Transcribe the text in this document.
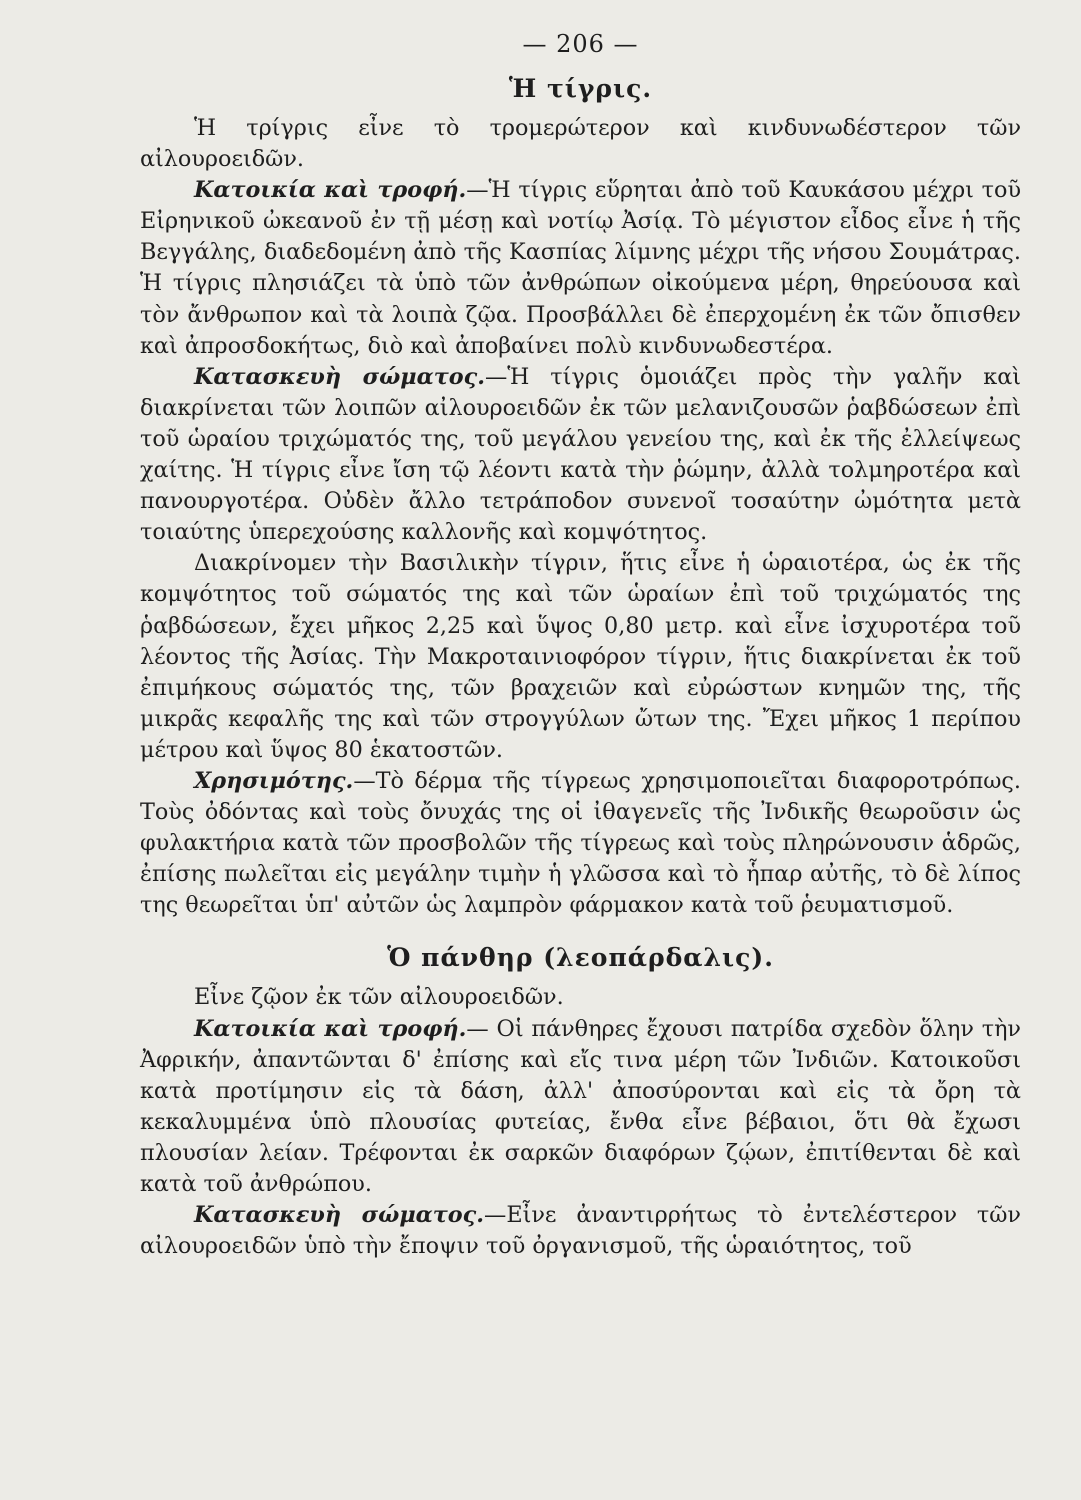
— 206 —
Ἡ τίγρις.

Ἡ τρίγρις εἶνε τὸ τρομερώτερον καὶ κινδυνωδέστερον τῶν αἰλουροειδῶν.

Κατοικία καὶ τροφή.—Ἡ τίγρις εὕρηται ἀπὸ τοῦ Καυκάσου μέχρι τοῦ Εἰρηνικοῦ ὠκεανοῦ ἐν τῇ μέσῃ καὶ νοτίῳ Ἀσίᾳ. Τὸ μέγιστον εἶδος εἶνε ἡ τῆς Βεγγάλης, διαδεδομένη ἀπὸ τῆς Κασπίας λίμνης μέχρι τῆς νήσου Σουμάτρας. Ἡ τίγρις πλησιάζει τὰ ὑπὸ τῶν ἀνθρώπων οἰκούμενα μέρη, θηρεύουσα καὶ τὸν ἄνθρωπον καὶ τὰ λοιπὰ ζῷα. Προσβάλλει δὲ ἐπερχομένη ἐκ τῶν ὄπισθεν καὶ ἀπροσδοκήτως, διὸ καὶ ἀποβαίνει πολὺ κινδυνωδεστέρα.

Κατασκευὴ σώματος.—Ἡ τίγρις ὁμοιάζει πρὸς τὴν γαλῆν καὶ διακρίνεται τῶν λοιπῶν αἰλουροειδῶν ἐκ τῶν μελανιζουσῶν ῥαβδώσεων ἐπὶ τοῦ ὡραίου τριχώματός της, τοῦ μεγάλου γενείου της, καὶ ἐκ τῆς ἐλλείψεως χαίτης. Ἡ τίγρις εἶνε ἴση τῷ λέοντι κατὰ τὴν ῥώμην, ἀλλὰ τολμηροτέρα καὶ πανουργοτέρα. Οὐδὲν ἄλλο τετράποδον συνενοῖ τοσαύτην ὠμότητα μετὰ τοιαύτης ὑπερεχούσης καλλονῆς καὶ κομψότητος.

Διακρίνομεν τὴν Βασιλικὴν τίγριν, ἥτις εἶνε ἡ ὡραιοτέρα, ὡς ἐκ τῆς κομψότητος τοῦ σώματός της καὶ τῶν ὡραίων ἐπὶ τοῦ τριχώματός της ῥαβδώσεων, ἔχει μῆκος 2,25 καὶ ὕψος 0,80 μετρ. καὶ εἶνε ἰσχυροτέρα τοῦ λέοντος τῆς Ἀσίας. Τὴν Μακροταινιοφόρον τίγριν, ἥτις διακρίνεται ἐκ τοῦ ἐπιμήκους σώματός της, τῶν βραχειῶν καὶ εὐρώστων κνημῶν της, τῆς μικρᾶς κεφαλῆς της καὶ τῶν στρογγύλων ὤτων της. Ἔχει μῆκος 1 περίπου μέτρου καὶ ὕψος 80 ἑκατοστῶν.

Χρησιμότης.—Τὸ δέρμα τῆς τίγρεως χρησιμοποιεῖται διαφοροτρόπως. Τοὺς ὀδόντας καὶ τοὺς ὄνυχάς της οἱ ἰθαγενεῖς τῆς Ἰνδικῆς θεωροῦσιν ὡς φυλακτήρια κατὰ τῶν προσβολῶν τῆς τίγρεως καὶ τοὺς πληρώνουσιν ἁδρῶς, ἐπίσης πωλεῖται εἰς μεγάλην τιμὴν ἡ γλῶσσα καὶ τὸ ἧπαρ αὐτῆς, τὸ δὲ λίπος της θεωρεῖται ὑπ' αὐτῶν ὡς λαμπρὸν φάρμακον κατὰ τοῦ ῥευματισμοῦ.

Ὁ πάνθηρ (λεοπάρδαλις).

Εἶνε ζῷον ἐκ τῶν αἰλουροειδῶν.

Κατοικία καὶ τροφή.— Οἱ πάνθηρες ἔχουσι πατρίδα σχεδὸν ὅλην τὴν Ἀφρικήν, ἀπαντῶνται δ' ἐπίσης καὶ εἴς τινα μέρη τῶν Ἰνδιῶν. Κατοικοῦσι κατὰ προτίμησιν εἰς τὰ δάση, ἀλλ' ἀποσύρονται καὶ εἰς τὰ ὄρη τὰ κεκαλυμμένα ὑπὸ πλουσίας φυτείας, ἔνθα εἶνε βέβαιοι, ὅτι θὰ ἔχωσι πλουσίαν λείαν. Τρέφονται ἐκ σαρκῶν διαφόρων ζῴων, ἐπιτίθενται δὲ καὶ κατὰ τοῦ ἀνθρώπου.

Κατασκευὴ σώματος.—Εἶνε ἀναντιρρήτως τὸ ἐντελέστερον τῶν αἰλουροειδῶν ὑπὸ τὴν ἔποψιν τοῦ ὀργανισμοῦ, τῆς ὡραιότητος, τοῦ
